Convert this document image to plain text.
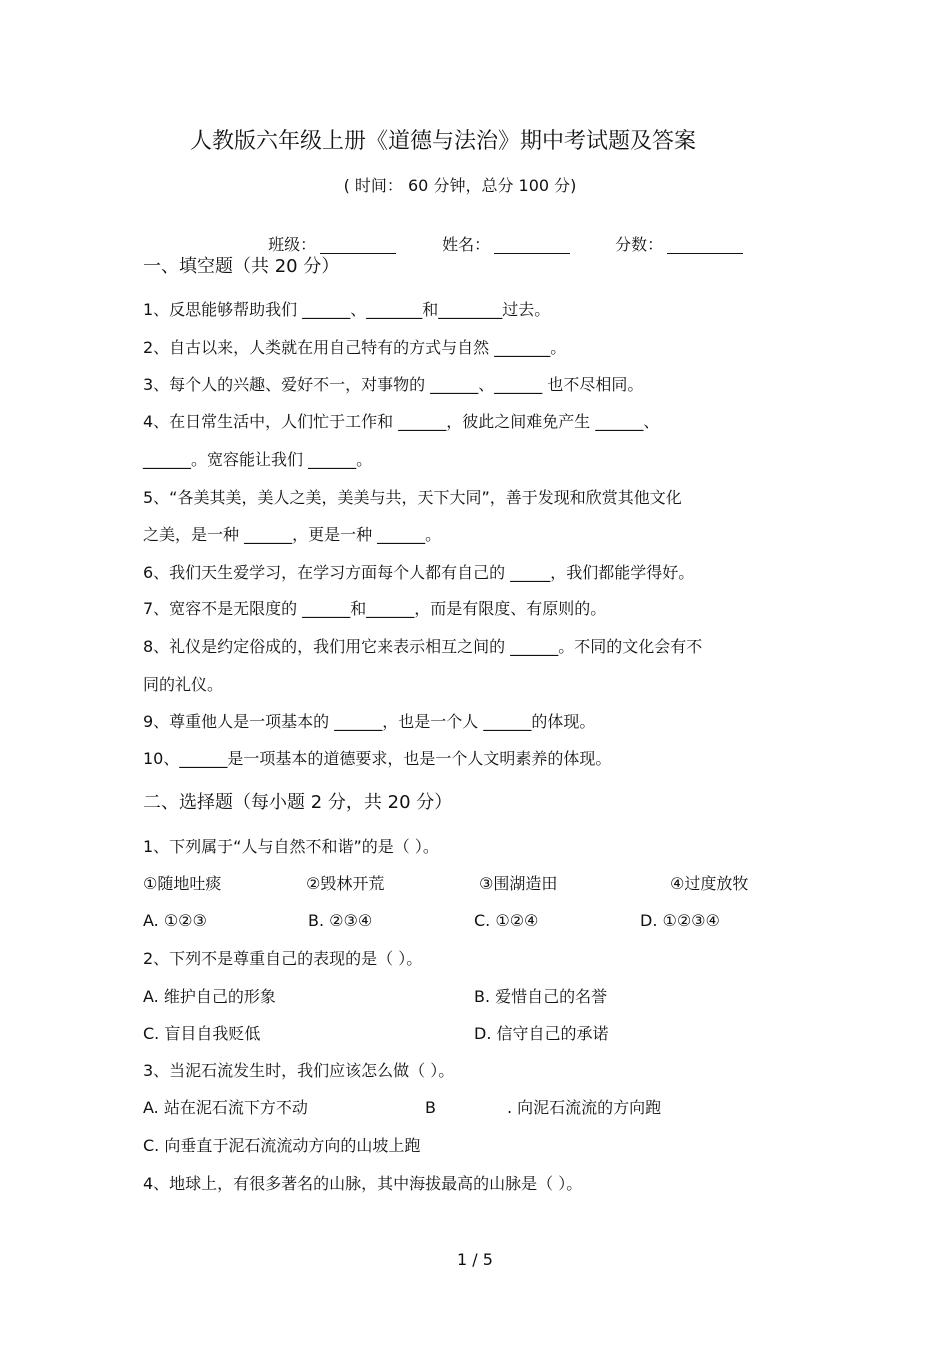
人教版六年级上册《道德与法治》期中考试题及答案
( 时间： 60 分钟，总分 100 分)

班级：	姓名：	分数：

一、填空题（共 20 分）
1、反思能够帮助我们 ______、_______和________过去。
2、自古以来，人类就在用自己特有的方式与自然 _______。
3、每个人的兴趣、爱好不一，对事物的 ______、______ 也不尽相同。
4、在日常生活中，人们忙于工作和 ______，彼此之间难免产生 ______、
______。宽容能让我们 ______。
5、“各美其美，美人之美，美美与共，天下大同”，善于发现和欣赏其他文化
之美，是一种 ______，更是一种 ______。
6、我们天生爱学习，在学习方面每个人都有自己的 _____，我们都能学得好。
7、宽容不是无限度的 ______和______，而是有限度、有原则的。
8、礼仪是约定俗成的，我们用它来表示相互之间的 ______。不同的文化会有不
同的礼仪。
9、尊重他人是一项基本的 ______，也是一个人 ______的体现。
10、______是一项基本的道德要求，也是一个人文明素养的体现。
二、选择题（每小题 2 分，共 20 分）
1、下列属于“人与自然不和谐”的是（ ）。
①随地吐痰	②毁林开荒	③围湖造田	④过度放牧
A. ①②③	B. ②③④	C. ①②④	D. ①②③④
2、下列不是尊重自己的表现的是（ ）。
A. 维护自己的形象	B. 爱惜自己的名誉
C. 盲目自我贬低	D. 信守自己的承诺
3、当泥石流发生时，我们应该怎么做（ ）。
A. 站在泥石流下方不动	B	. 向泥石流流的方向跑
C. 向垂直于泥石流流动方向的山坡上跑
4、地球上，有很多著名的山脉，其中海拔最高的山脉是（ ）。
1 / 5
